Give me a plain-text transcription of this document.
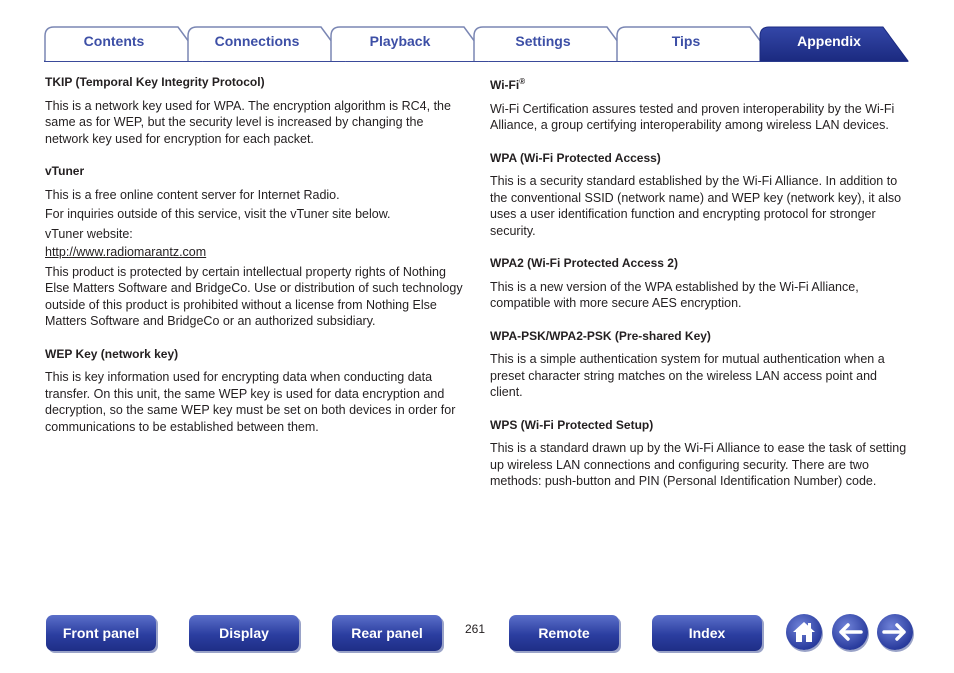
Contents	Connections	Playback	Settings	Tips	Appendix
TKIP (Temporal Key Integrity Protocol)
This is a network key used for WPA. The encryption algorithm is RC4, the same as for WEP, but the security level is increased by changing the network key used for encryption for each packet.
vTuner
This is a free online content server for Internet Radio.
For inquiries outside of this service, visit the vTuner site below.
vTuner website:
http://www.radiomarantz.com
This product is protected by certain intellectual property rights of Nothing Else Matters Software and BridgeCo. Use or distribution of such technology outside of this product is prohibited without a license from Nothing Else Matters Software and BridgeCo or an authorized subsidiary.
WEP Key (network key)
This is key information used for encrypting data when conducting data transfer. On this unit, the same WEP key is used for data encryption and decryption, so the same WEP key must be set on both devices in order for communications to be established between them.
Wi-Fi®
Wi-Fi Certification assures tested and proven interoperability by the Wi-Fi Alliance, a group certifying interoperability among wireless LAN devices.
WPA (Wi-Fi Protected Access)
This is a security standard established by the Wi-Fi Alliance. In addition to the conventional SSID (network name) and WEP key (network key), it also uses a user identification function and encrypting protocol for stronger security.
WPA2 (Wi-Fi Protected Access 2)
This is a new version of the WPA established by the Wi-Fi Alliance, compatible with more secure AES encryption.
WPA-PSK/WPA2-PSK (Pre-shared Key)
This is a simple authentication system for mutual authentication when a preset character string matches on the wireless LAN access point and client.
WPS (Wi-Fi Protected Setup)
This is a standard drawn up by the Wi-Fi Alliance to ease the task of setting up wireless LAN connections and configuring security. There are two methods: push-button and PIN (Personal Identification Number) code.
Front panel	Display	Rear panel	261	Remote	Index
